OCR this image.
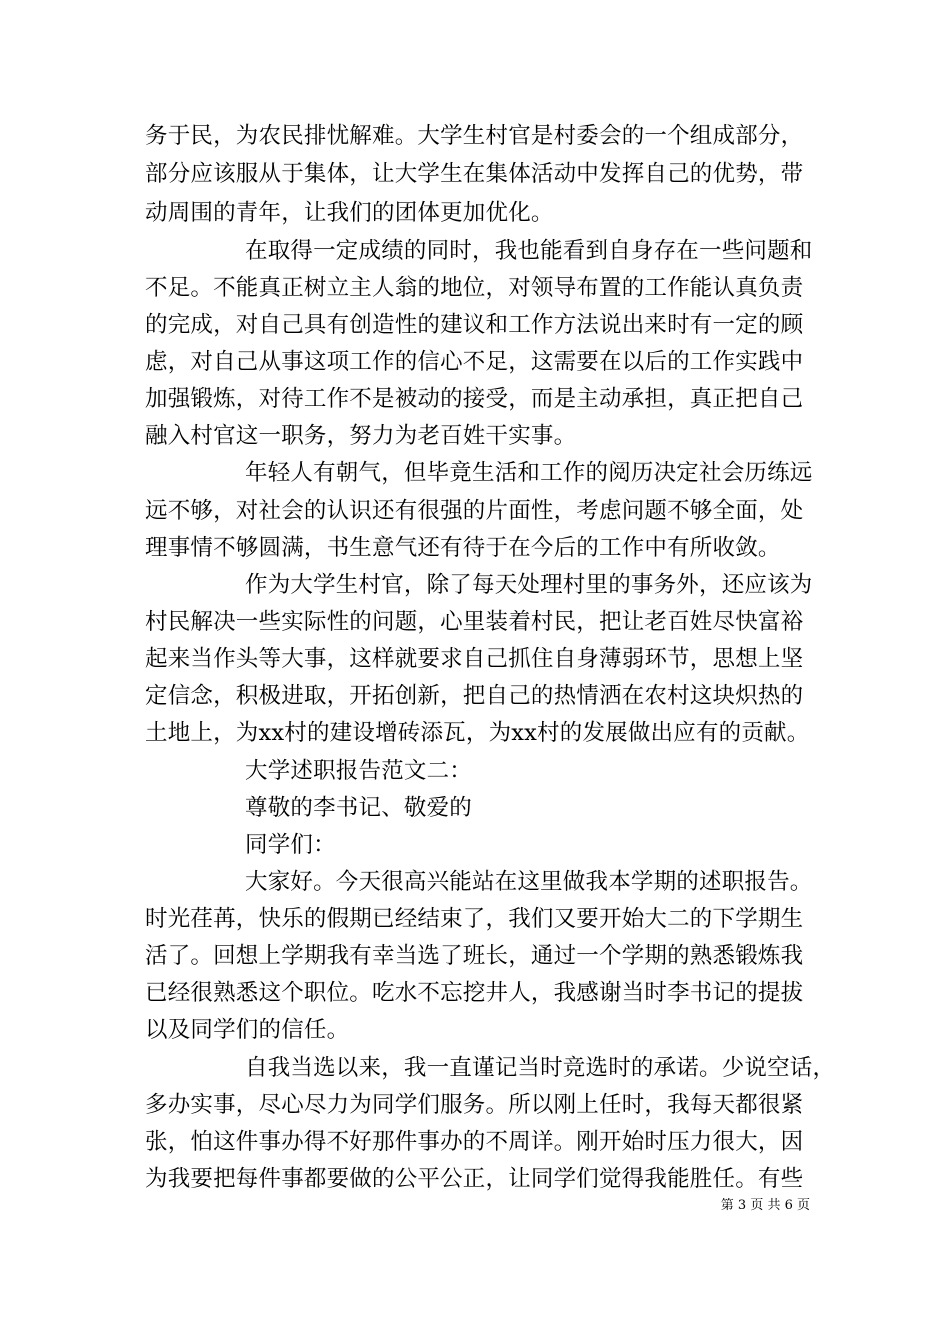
务于民，为农民排忧解难。大学生村官是村委会的一个组成部分，
部分应该服从于集体，让大学生在集体活动中发挥自己的优势，带
动周围的青年，让我们的团体更加优化。
在取得一定成绩的同时，我也能看到自身存在一些问题和
不足。不能真正树立主人翁的地位，对领导布置的工作能认真负责
的完成，对自己具有创造性的建议和工作方法说出来时有一定的顾
虑，对自己从事这项工作的信心不足，这需要在以后的工作实践中
加强锻炼，对待工作不是被动的接受，而是主动承担，真正把自己
融入村官这一职务，努力为老百姓干实事。
年轻人有朝气，但毕竟生活和工作的阅历决定社会历练远
远不够，对社会的认识还有很强的片面性，考虑问题不够全面，处
理事情不够圆满，书生意气还有待于在今后的工作中有所收敛。
作为大学生村官，除了每天处理村里的事务外，还应该为
村民解决一些实际性的问题，心里装着村民，把让老百姓尽快富裕
起来当作头等大事，这样就要求自己抓住自身薄弱环节，思想上坚
定信念，积极进取，开拓创新，把自己的热情洒在农村这块炽热的
土地上，为xx村的建设增砖添瓦，为xx村的发展做出应有的贡献。
大学述职报告范文二：
尊敬的李书记、敬爱的
同学们：
大家好。今天很高兴能站在这里做我本学期的述职报告。
时光荏苒，快乐的假期已经结束了，我们又要开始大二的下学期生
活了。回想上学期我有幸当选了班长，通过一个学期的熟悉锻炼我
已经很熟悉这个职位。吃水不忘挖井人，我感谢当时李书记的提拔
以及同学们的信任。
自我当选以来，我一直谨记当时竞选时的承诺。少说空话，
多办实事，尽心尽力为同学们服务。所以刚上任时，我每天都很紧
张，怕这件事办得不好那件事办的不周详。刚开始时压力很大，因
为我要把每件事都要做的公平公正，让同学们觉得我能胜任。有些
第 3 页 共 6 页
